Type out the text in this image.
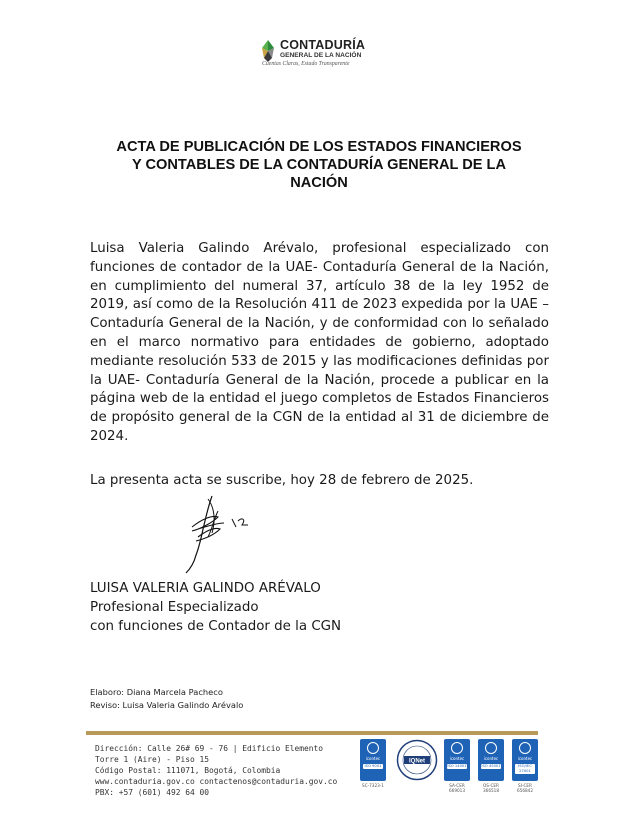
CONTADURÍA
GENERAL DE LA NACIÓN
Cuentas Claras, Estado Transparente
ACTA DE PUBLICACIÓN DE LOS ESTADOS FINANCIEROS
Y CONTABLES DE LA CONTADURÍA GENERAL DE LA
NACIÓN

Luisa Valeria Galindo Arévalo, profesional especializado con funciones de contador de la UAE- Contaduría General de la Nación, en cumplimiento del numeral 37, artículo 38 de la ley 1952 de 2019, así como de la Resolución 411 de 2023 expedida por la UAE – Contaduría General de la Nación, y de conformidad con lo señalado en el marco normativo para entidades de gobierno, adoptado mediante resolución 533 de 2015 y las modificaciones definidas por la UAE- Contaduría General de la Nación, procede a publicar en la página web de la entidad el juego completos de Estados Financieros de propósito general de la CGN de la entidad al 31 de diciembre de 2024.

La presenta acta se suscribe, hoy 28 de febrero de 2025.
LUISA VALERIA GALINDO ARÉVALO
Profesional Especializado
con funciones de Contador de la CGN
Elaboro: Diana Marcela Pacheco
Reviso: Luisa Valeria Galindo Arévalo
Dirección: Calle 26# 69 - 76 | Edificio Elemento
Torre 1 (Aire) - Piso 15
Código Postal: 111071, Bogotá, Colombia
www.contaduria.gov.co contactenos@contaduria.gov.co
PBX: +57 (601) 492 64 00
icontec
ISO 9001
SC-7323-1
IQNet	icontec
ISO 14001
SA-CER 669013
icontec
ISO 45001
OS-CER 366518
icontec
ISO/IEC 27001
SI-CER 656842
